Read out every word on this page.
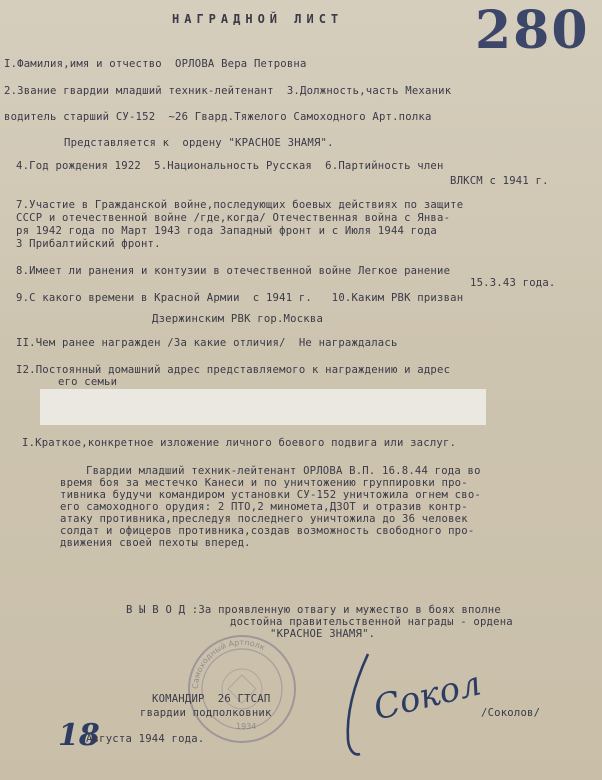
НАГРАДНОЙ ЛИСТ	280
I.Фамилия,имя и отчество  ОРЛОВА Вера Петровна
2.Звание гвардии младший техник-лейтенант  3.Должность,часть Механик
водитель старший СУ-152  ~26 Гвард.Тяжелого Самоходного Арт.полка
Представляется к  ордену "КРАСНОЕ ЗНАМЯ".
4.Год рождения 1922  5.Национальность Русская  6.Партийность член
ВЛКСМ с 1941 г.
7.Участие в Гражданской войне,последующих боевых действиях по защите
СССР и отечественной войне /где,когда/ Отечественная война с Янва-
ря 1942 года по Март 1943 года Западный фронт и с Июля 1944 года
3 Прибалтийский фронт.
8.Имеет ли ранения и контузии в отечественной войне Легкое ранение
15.3.43 года.
9.С какого времени в Красной Армии  с 1941 г.   10.Каким РВК призван
Дзержинским РВК гор.Москва
II.Чем ранее награжден /За какие отличия/  Не награждалась
I2.Постоянный домашний адрес представляемого к награждению и адрес
его семьи
I.Краткое,конкретное изложение личного боевого подвига или заслуг.
Гвардии младший техник-лейтенант ОРЛОВА В.П. 16.8.44 года во
время боя за местечко Канеси и по уничтожению группировки про-
тивника будучи командиром установки СУ-152 уничтожила огнем сво-
его самоходного орудия: 2 ПТО,2 миномета,ДЗОТ и отразив контр-
атаку противника,преследуя последнего уничтожила до 36 человек
солдат и офицеров противника,создав возможность свободного про-
движения своей пехоты вперед.
В Ы В О Д :За проявленную отвагу и мужество в боях вполне
достойна правительственной награды - ордена
"КРАСНОЕ ЗНАМЯ".
Самоходный Артполк
1934
КОМАНДИР  26 ГТСАП
гвардии подполковник	/Соколов/
Сокол
18
Августа 1944 года.
